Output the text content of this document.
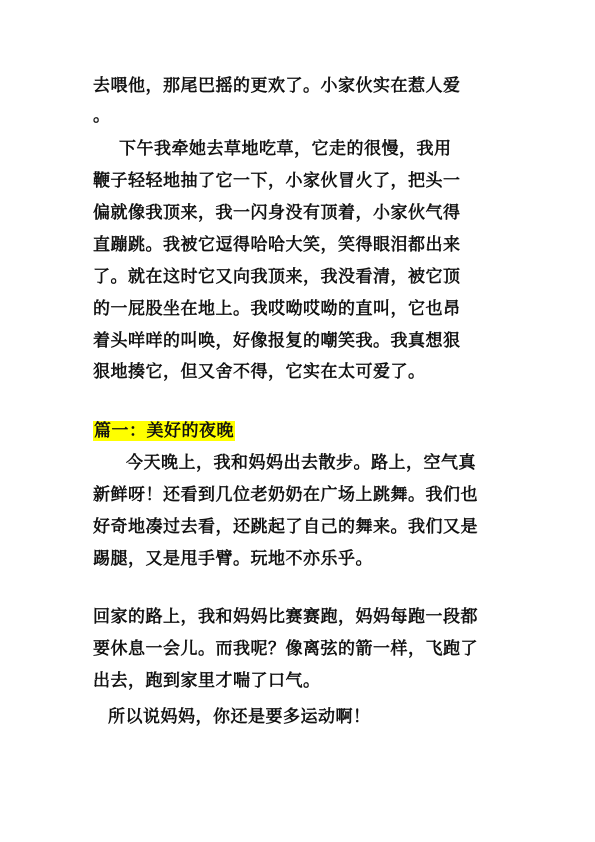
去喂他，那尾巴摇的更欢了。小家伙实在惹人爱
。
下午我牵她去草地吃草，它走的很慢，我用
鞭子轻轻地抽了它一下，小家伙冒火了，把头一
偏就像我顶来，我一闪身没有顶着，小家伙气得
直蹦跳。我被它逗得哈哈大笑，笑得眼泪都出来
了。就在这时它又向我顶来，我没看清，被它顶
的一屁股坐在地上。我哎呦哎呦的直叫，它也昂
着头咩咩的叫唤，好像报复的嘲笑我。我真想狠
狠地揍它，但又舍不得，它实在太可爱了。
篇一：美好的夜晚
今天晚上，我和妈妈出去散步。路上，空气真
新鲜呀！还看到几位老奶奶在广场上跳舞。我们也
好奇地凑过去看，还跳起了自己的舞来。我们又是
踢腿，又是甩手臂。玩地不亦乐乎。
回家的路上，我和妈妈比赛赛跑，妈妈每跑一段都
要休息一会儿。而我呢？像离弦的箭一样，飞跑了
出去，跑到家里才喘了口气。
所以说妈妈，你还是要多运动啊！
